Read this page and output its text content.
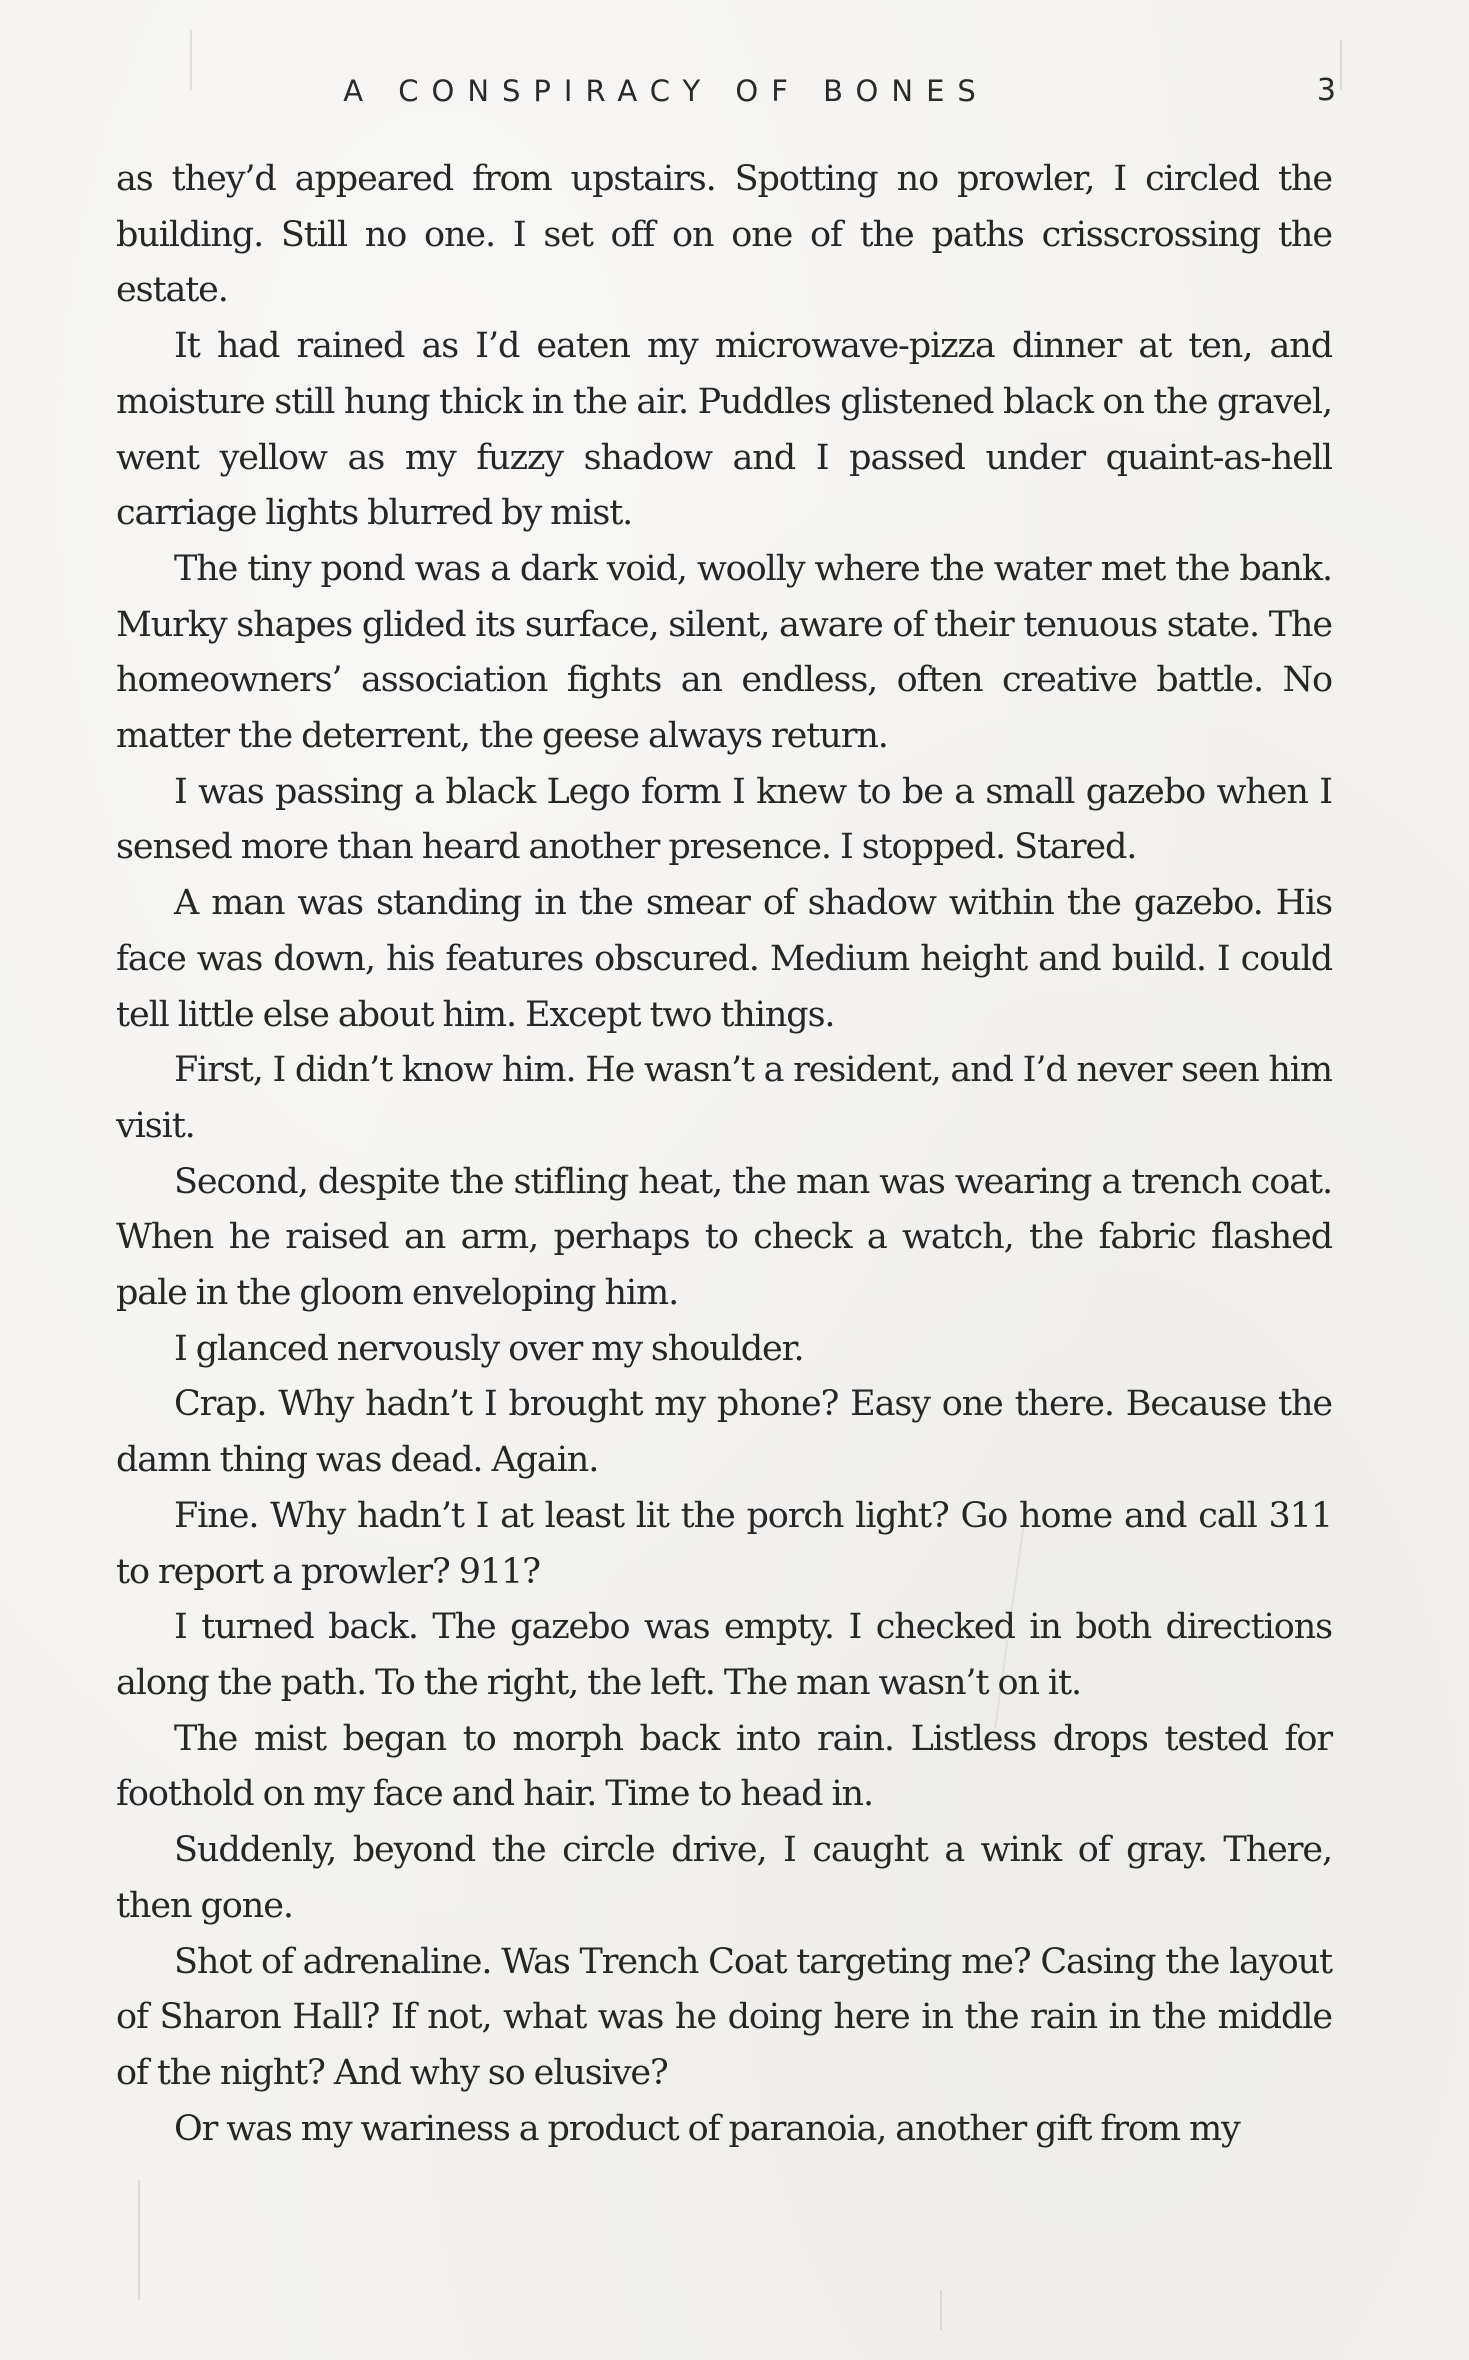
A CONSPIRACY OF BONES	3

as they’d appeared from upstairs. Spotting no prowler, I circled the building. Still no one. I set off on one of the paths crisscrossing the estate.

It had rained as I’d eaten my microwave-pizza dinner at ten, and moisture still hung thick in the air. Puddles glistened black on the gravel, went yellow as my fuzzy shadow and I passed under quaint-as-hell carriage lights blurred by mist.

The tiny pond was a dark void, woolly where the water met the bank. Murky shapes glided its surface, silent, aware of their tenuous state. The homeowners’ association fights an endless, often creative battle. No matter the deterrent, the geese always return.

I was passing a black Lego form I knew to be a small gazebo when I sensed more than heard another presence. I stopped. Stared.

A man was standing in the smear of shadow within the gazebo. His face was down, his features obscured. Medium height and build. I could tell little else about him. Except two things.

First, I didn’t know him. He wasn’t a resident, and I’d never seen him visit.

Second, despite the stifling heat, the man was wearing a trench coat. When he raised an arm, perhaps to check a watch, the fabric flashed pale in the gloom enveloping him.

I glanced nervously over my shoulder.

Crap. Why hadn’t I brought my phone? Easy one there. Because the damn thing was dead. Again.

Fine. Why hadn’t I at least lit the porch light? Go home and call 311 to report a prowler? 911?

I turned back. The gazebo was empty. I checked in both directions along the path. To the right, the left. The man wasn’t on it.

The mist began to morph back into rain. Listless drops tested for foothold on my face and hair. Time to head in.

Suddenly, beyond the circle drive, I caught a wink of gray. There, then gone.

Shot of adrenaline. Was Trench Coat targeting me? Casing the layout of Sharon Hall? If not, what was he doing here in the rain in the middle of the night? And why so elusive?

Or was my wariness a product of paranoia, another gift from my
